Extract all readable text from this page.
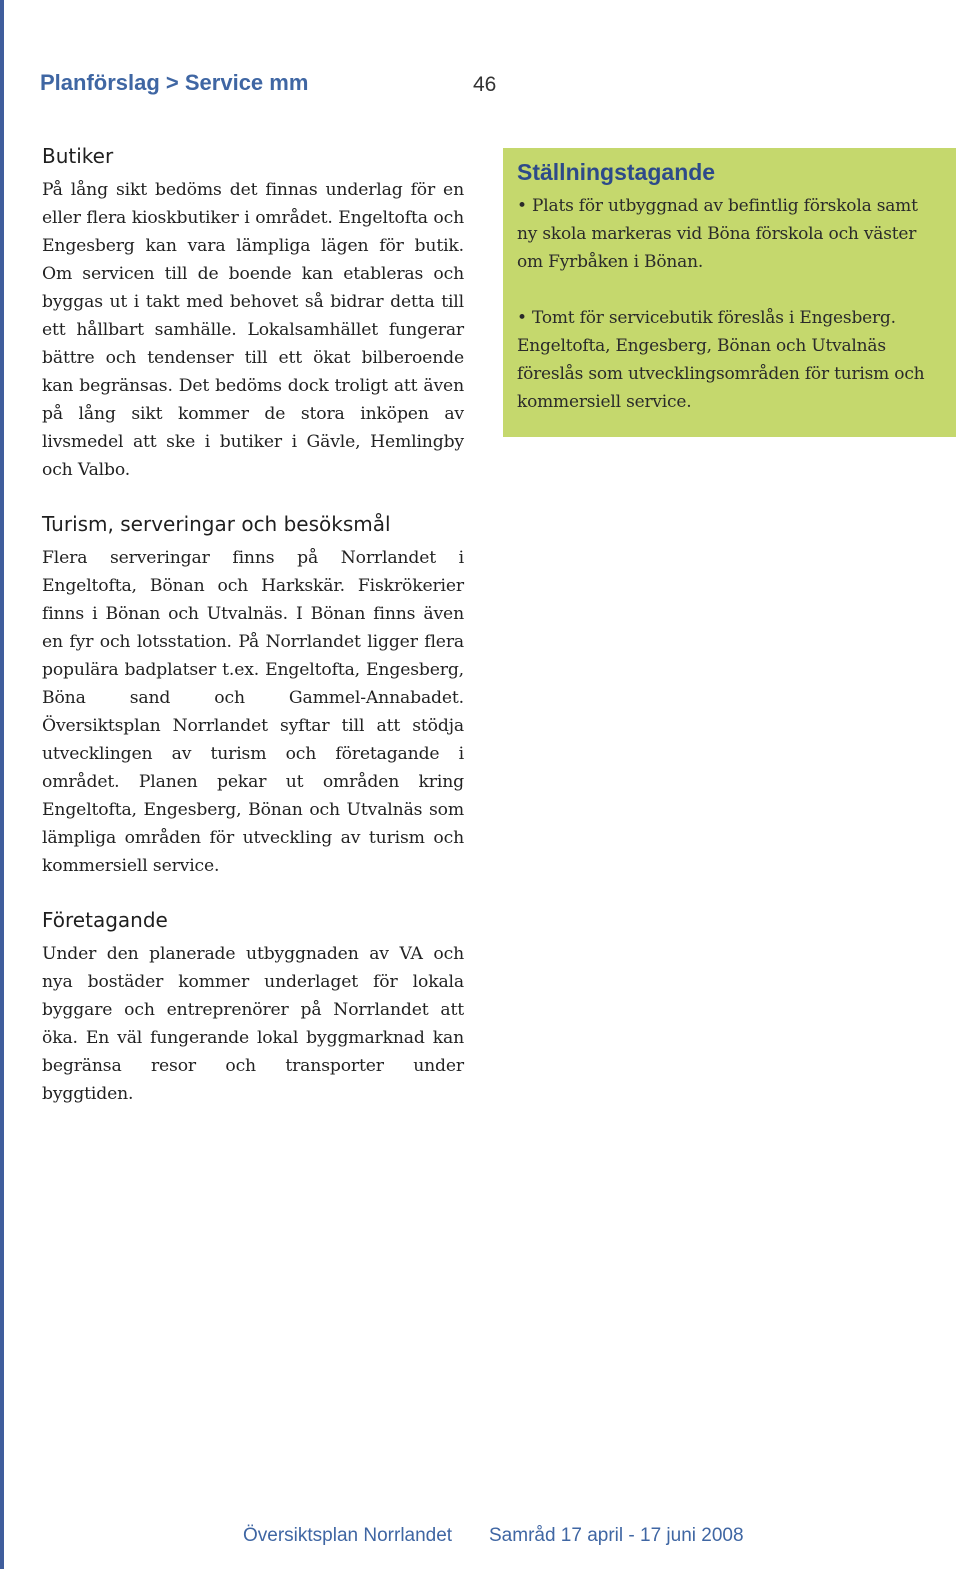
Planförslag > Service mm	46
Butiker

På lång sikt bedöms det finnas underlag för en eller flera kioskbutiker i området. Engeltofta och Engesberg kan vara lämpliga lägen för butik. Om servicen till de boende kan etableras och byggas ut i takt med behovet så bidrar detta till ett hållbart samhälle. Lokalsamhället fungerar bättre och tendenser till ett ökat bilberoende kan begränsas. Det bedöms dock troligt att även på lång sikt kommer de stora inköpen av livsmedel att ske i butiker i Gävle, Hemlingby och Valbo.

Turism, serveringar och besöksmål

Flera serveringar finns på Norrlandet i Engeltofta, Bönan och Harkskär. Fiskrökerier finns i Bönan och Utvalnäs. I Bönan finns även en fyr och lotsstation. På Norrlandet ligger flera populära badplatser t.ex. Engeltofta, Engesberg, Böna sand och Gammel-Annabadet. Översiktsplan Norrlandet syftar till att stödja utvecklingen av turism och företagande i området. Planen pekar ut områden kring Engeltofta, Engesberg, Bönan och Utvalnäs som lämpliga områden för utveckling av turism och kommersiell service.

Företagande

Under den planerade utbyggnaden av VA och nya bostäder kommer underlaget för lokala byggare och entreprenörer på Norrlandet att öka. En väl fungerande lokal byggmarknad kan begränsa resor och transporter under byggtiden.

Ställningstagande

• Plats för utbyggnad av befintlig förskola samt ny skola markeras vid Böna förskola och väster om Fyrbåken i Bönan.

• Tomt för servicebutik föreslås i Engesberg. Engeltofta, Engesberg, Bönan och Utvalnäs föreslås som utvecklingsområden för turism och kommersiell service.

Översiktsplan Norrlandet Samråd 17 april - 17 juni 2008
